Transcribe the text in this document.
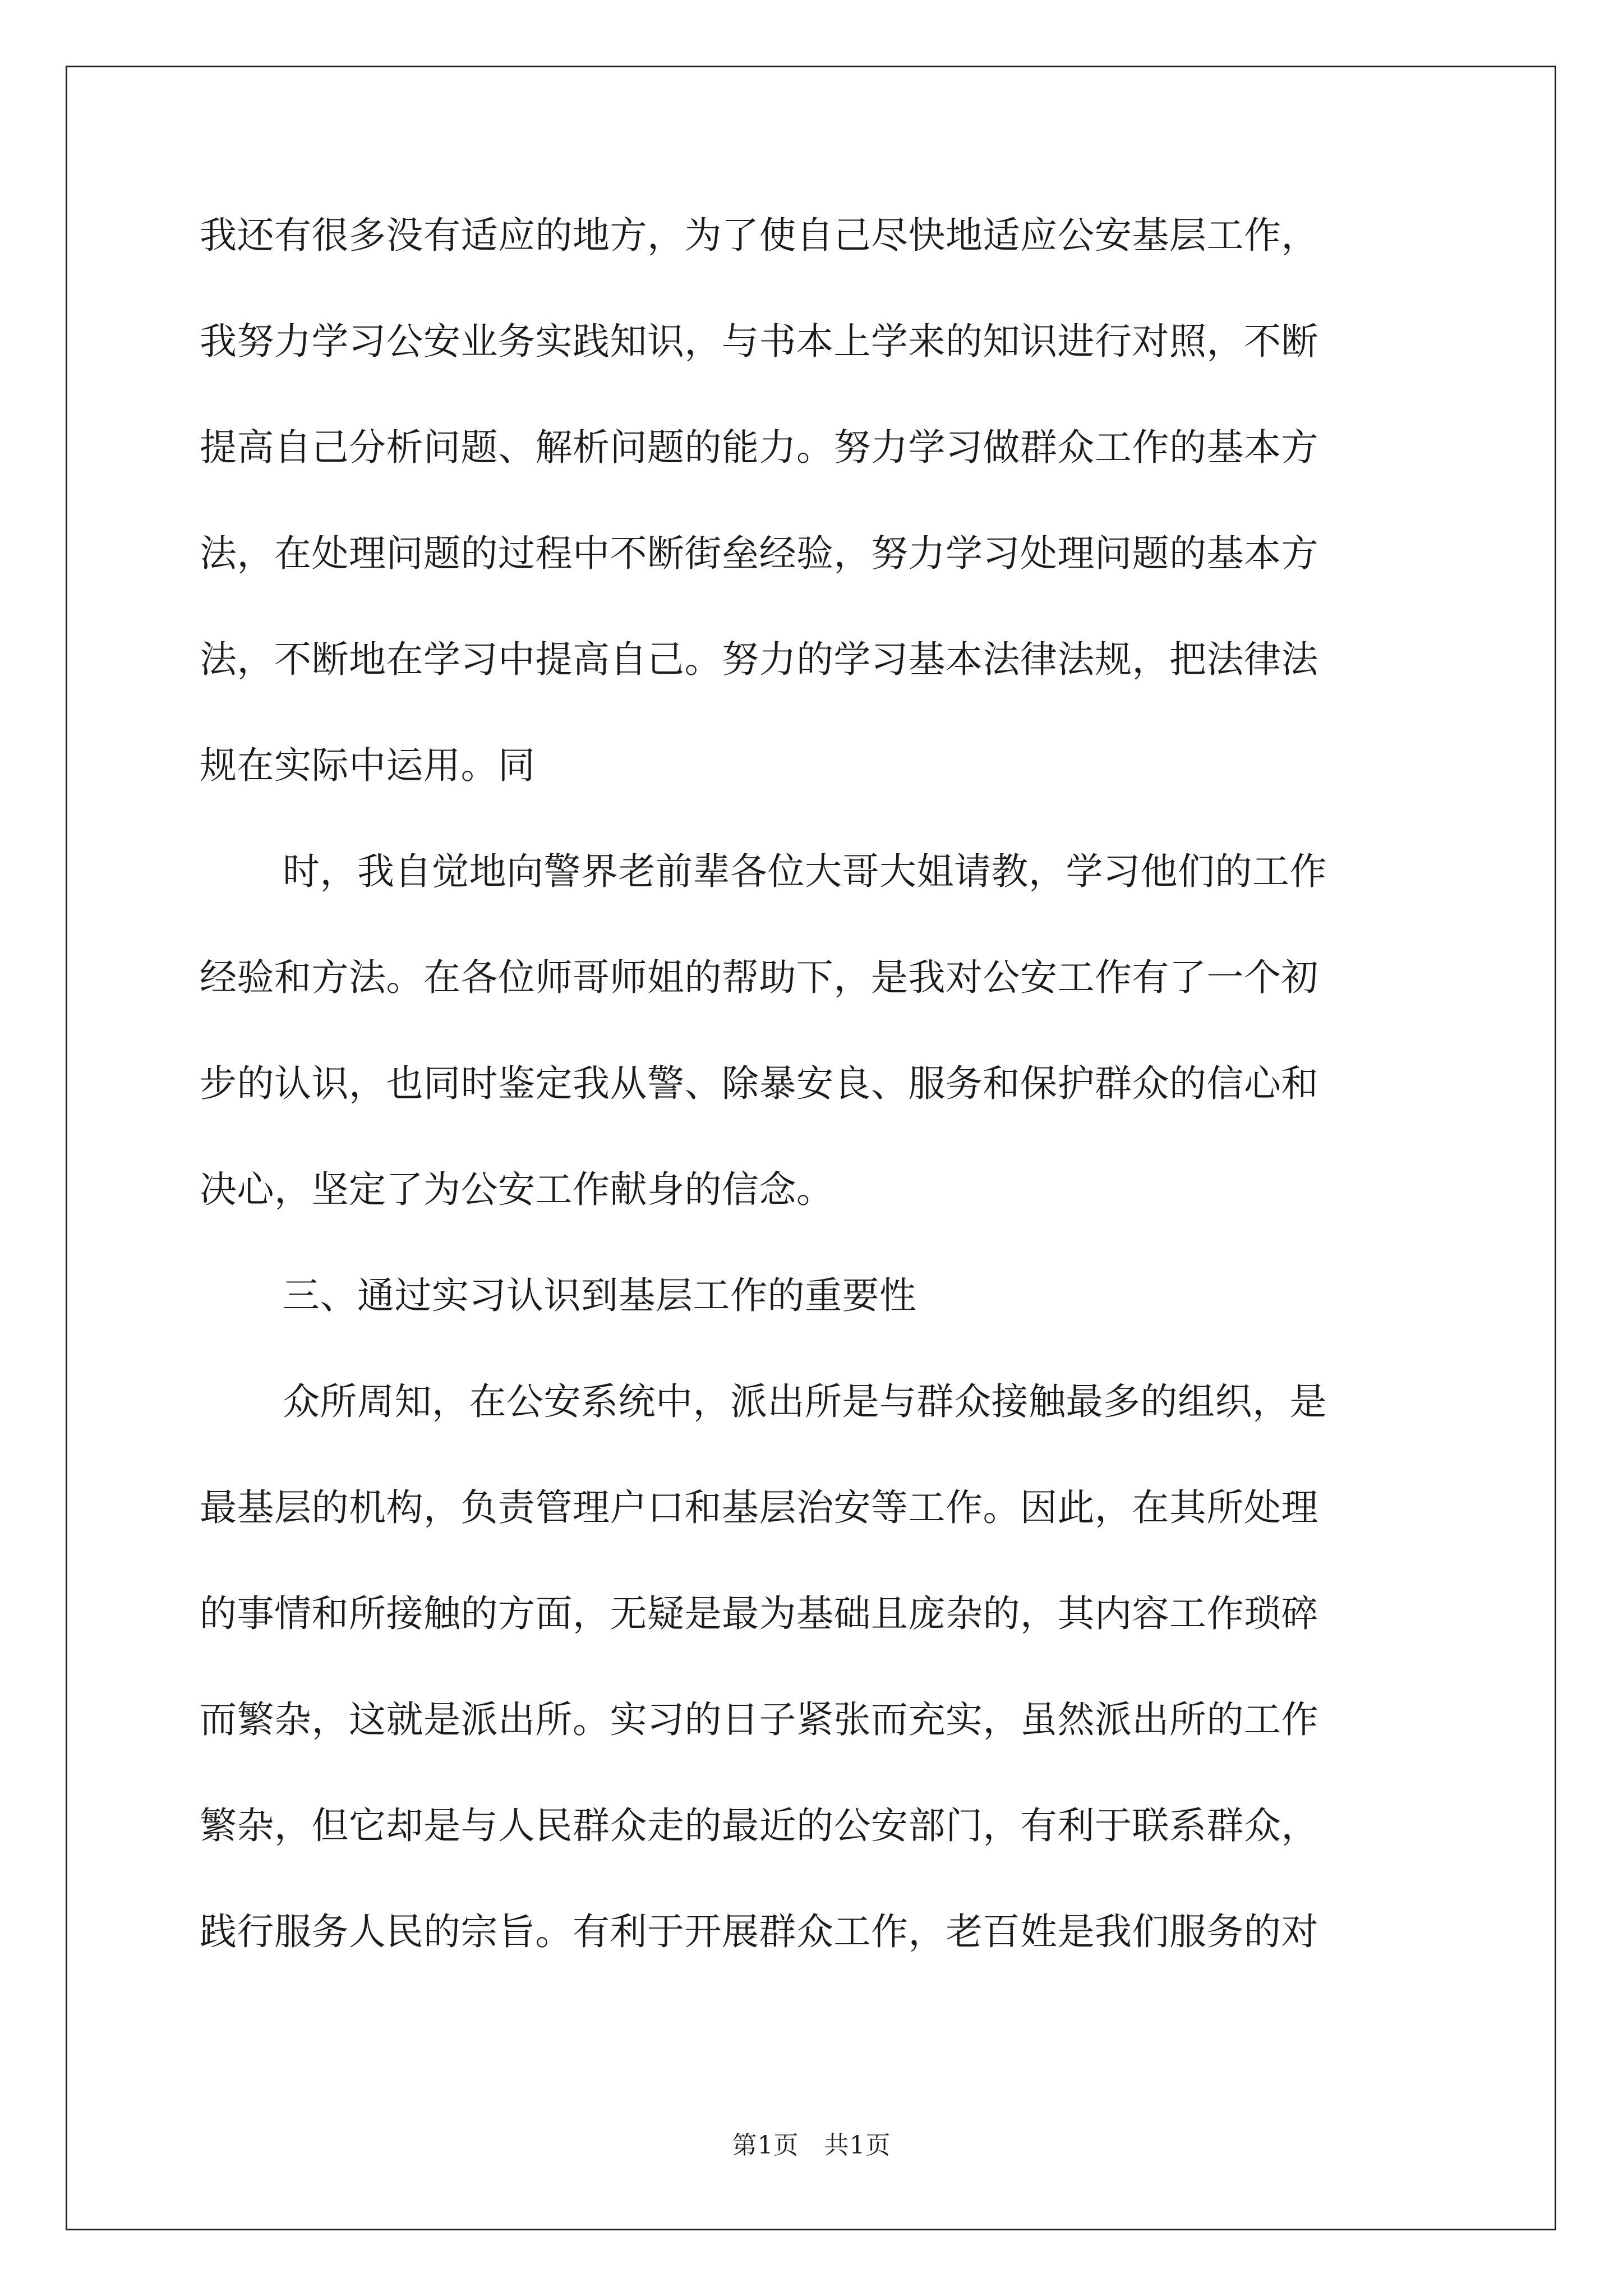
我还有很多没有适应的地方，为了使自己尽快地适应公安基层工作，
我努力学习公安业务实践知识，与书本上学来的知识进行对照，不断
提高自己分析问题、解析问题的能力。努力学习做群众工作的基本方
法，在处理问题的过程中不断街垒经验，努力学习处理问题的基本方
法，不断地在学习中提高自己。努力的学习基本法律法规，把法律法
规在实际中运用。同
时，我自觉地向警界老前辈各位大哥大姐请教，学习他们的工作
经验和方法。在各位师哥师姐的帮助下，是我对公安工作有了一个初
步的认识，也同时鉴定我从警、除暴安良、服务和保护群众的信心和
决心，坚定了为公安工作献身的信念。
三、通过实习认识到基层工作的重要性
众所周知，在公安系统中，派出所是与群众接触最多的组织，是
最基层的机构，负责管理户口和基层治安等工作。因此，在其所处理
的事情和所接触的方面，无疑是最为基础且庞杂的，其内容工作琐碎
而繁杂，这就是派出所。实习的日子紧张而充实，虽然派出所的工作
繁杂，但它却是与人民群众走的最近的公安部门，有利于联系群众，
践行服务人民的宗旨。有利于开展群众工作，老百姓是我们服务的对
第1页   共1页
